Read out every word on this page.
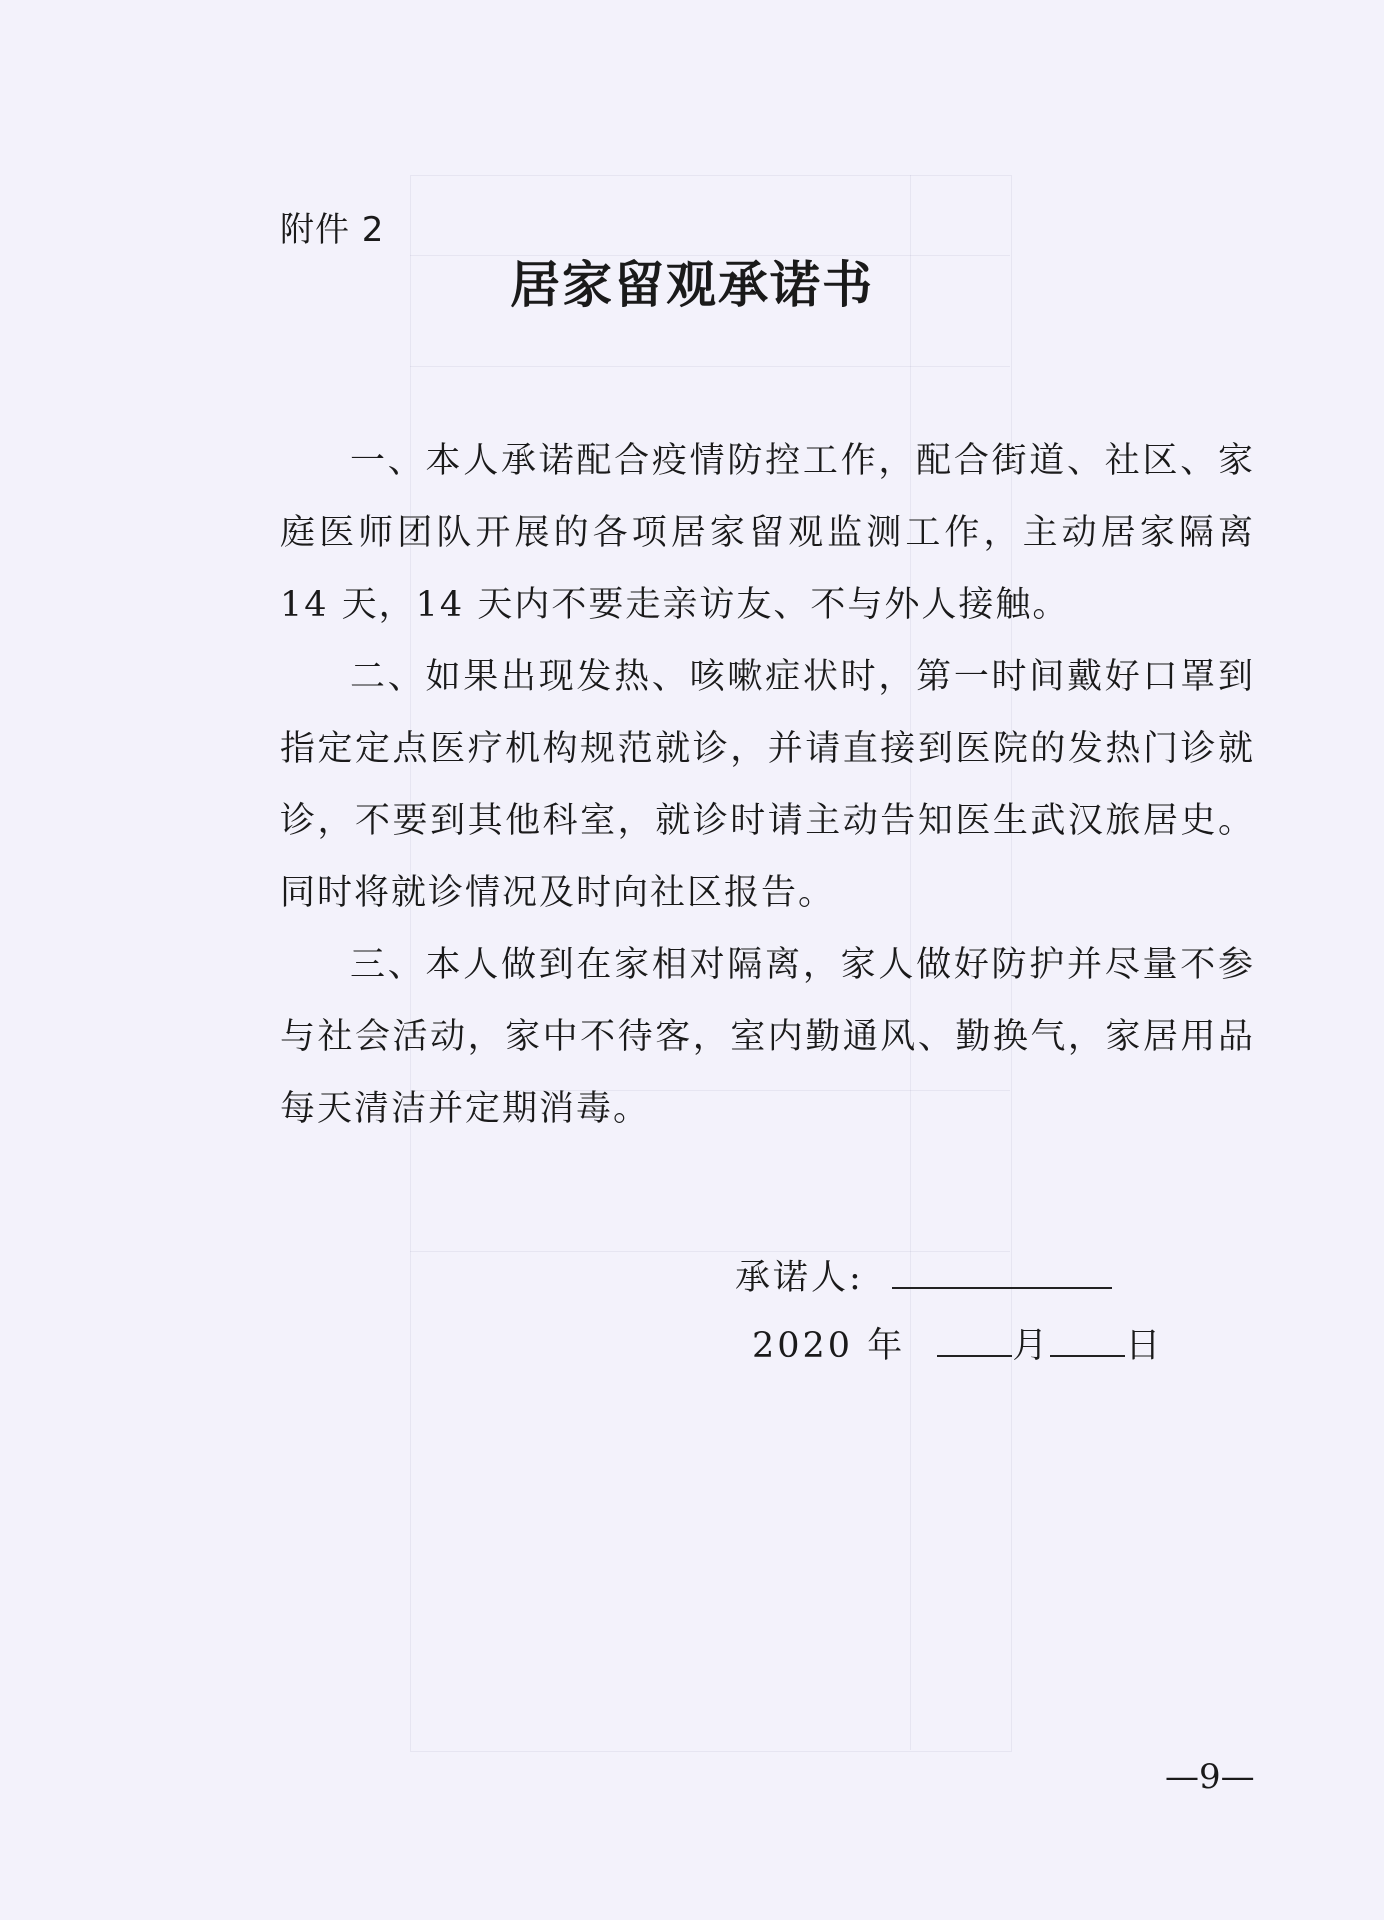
附件 2
居家留观承诺书

一、本人承诺配合疫情防控工作，配合街道、社区、家庭医师团队开展的各项居家留观监测工作，主动居家隔离 14 天，14 天内不要走亲访友、不与外人接触。

二、如果出现发热、咳嗽症状时，第一时间戴好口罩到指定定点医疗机构规范就诊，并请直接到医院的发热门诊就诊，不要到其他科室，就诊时请主动告知医生武汉旅居史。同时将就诊情况及时向社区报告。

三、本人做到在家相对隔离，家人做好防护并尽量不参与社会活动，家中不待客，室内勤通风、勤换气，家居用品每天清洁并定期消毒。

承诺人:
2020 年	月 日
—9—
